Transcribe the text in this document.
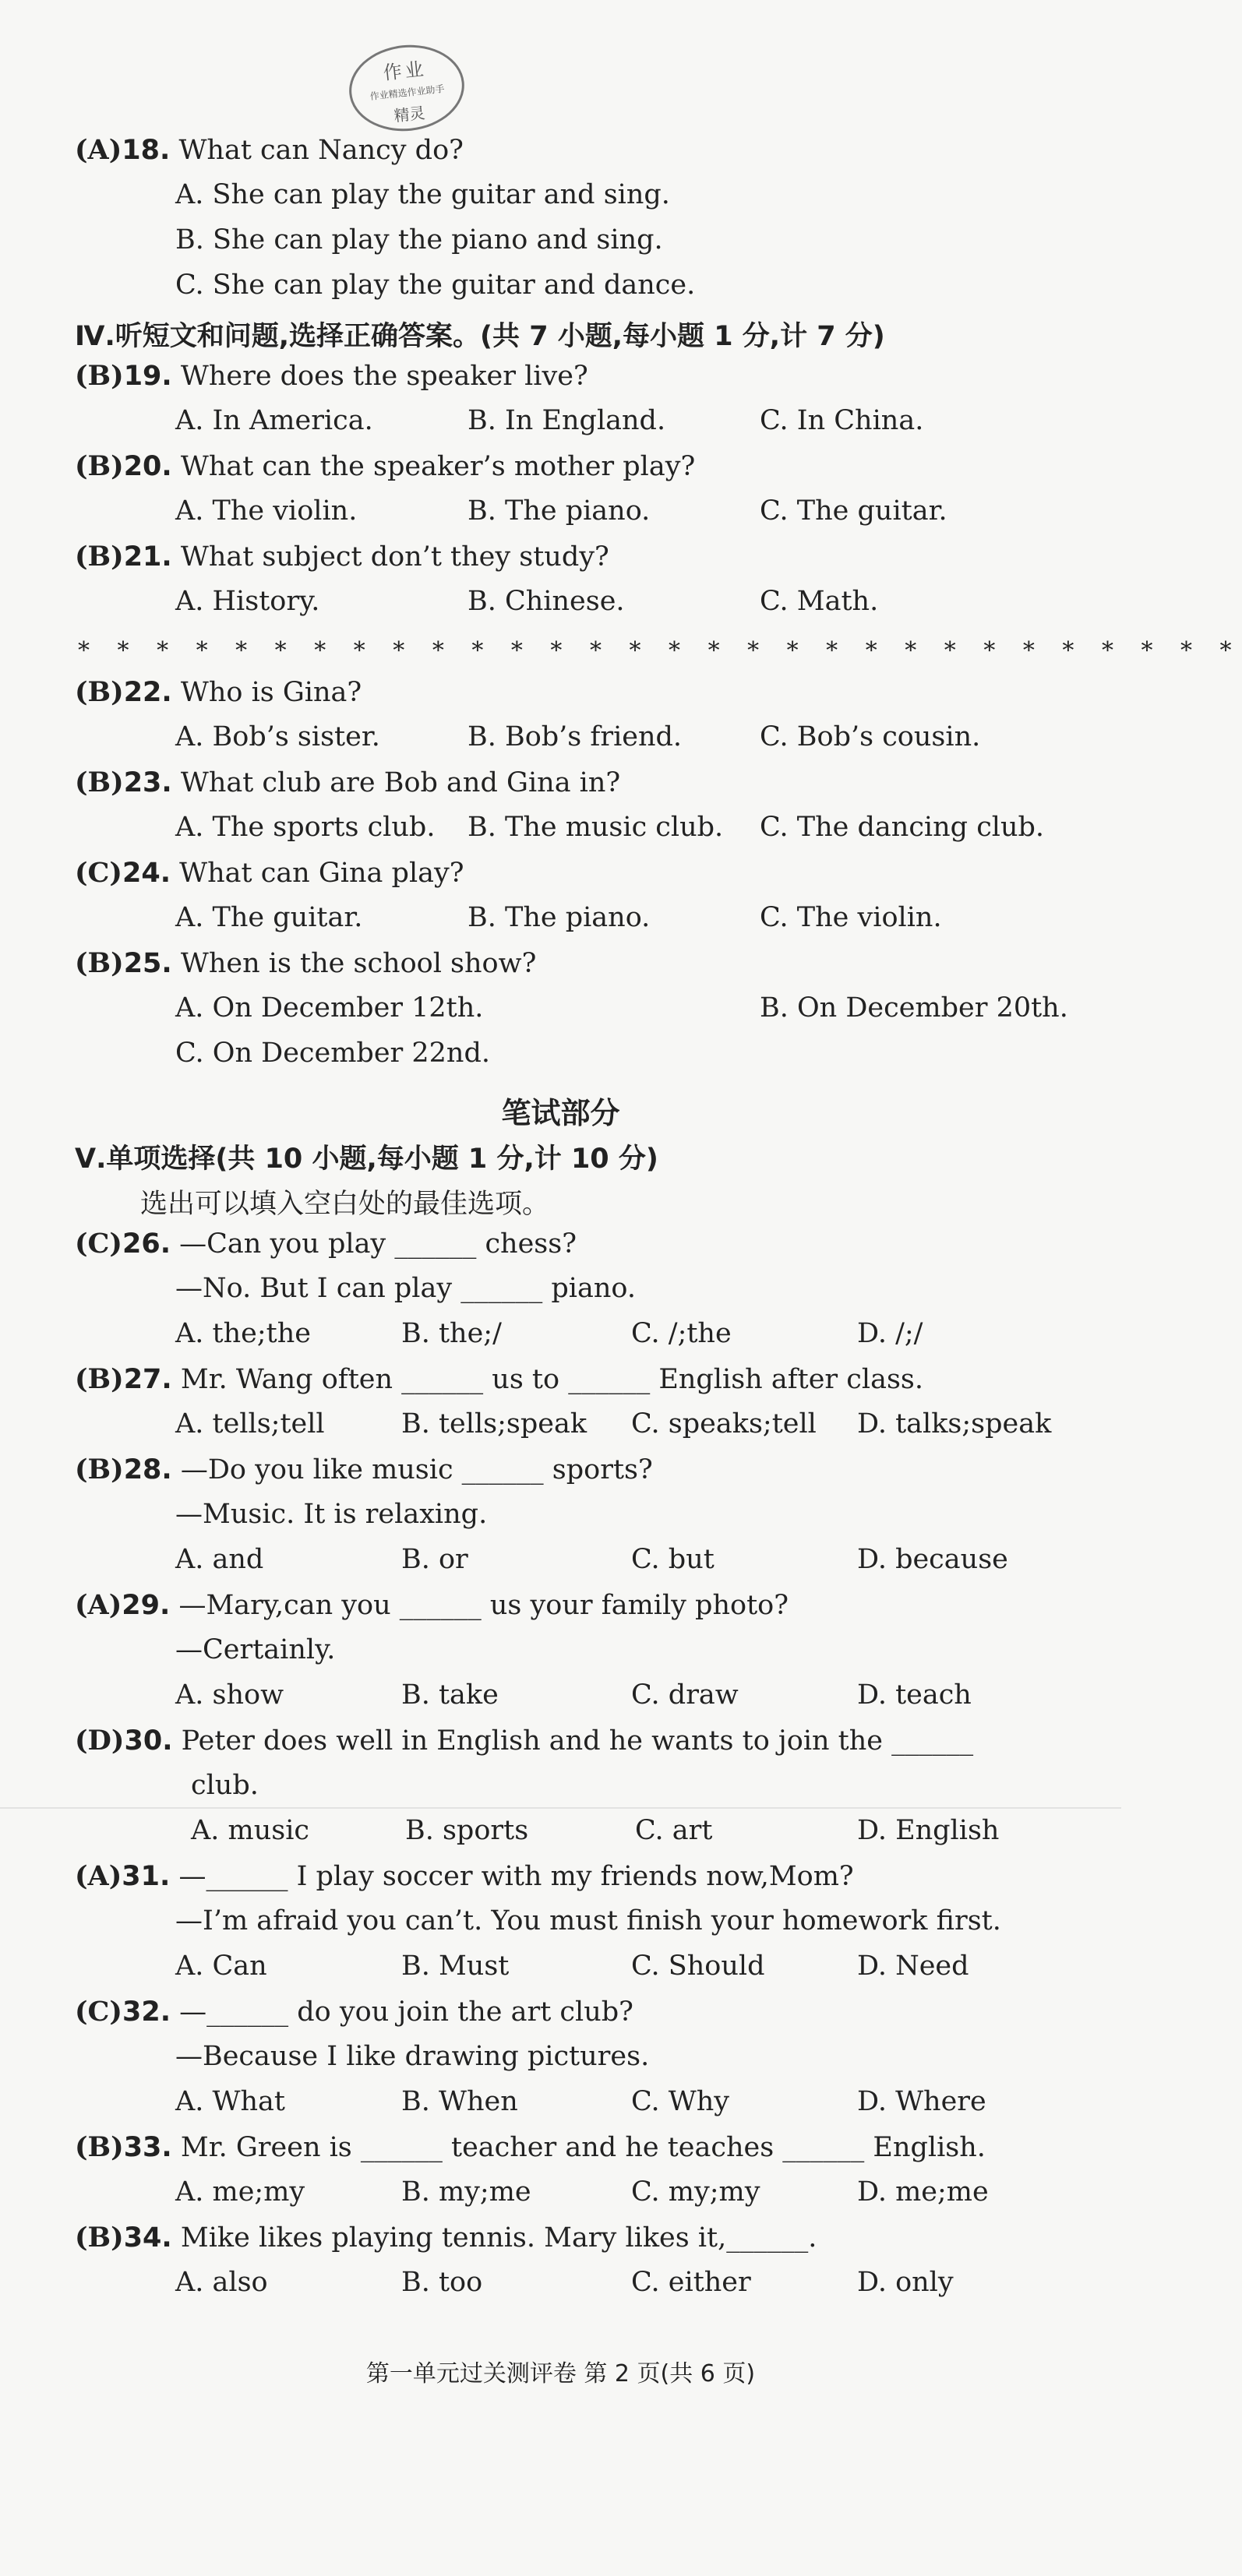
作业
作业精选作业助手
精灵
(A)18. What can Nancy do?
A. She can play the guitar and sing.
B. She can play the piano and sing.
C. She can play the guitar and dance.
Ⅳ.听短文和问题,选择正确答案。(共 7 小题,每小题 1 分,计 7 分)
(B)19. Where does the speaker live?
A. In America.	B. In England.	C. In China.
(B)20. What can the speaker’s mother play?
A. The violin.	B. The piano.	C. The guitar.
(B)21. What subject don’t they study?
A. History.	B. Chinese.	C. Math.
* * * * * * * * * * * * * * * * * * * * * * * * * * * * * *
(B)22. Who is Gina?
A. Bob’s sister.	B. Bob’s friend.	C. Bob’s cousin.
(B)23. What club are Bob and Gina in?
A. The sports club. B. The music club. C. The dancing club.
(C)24. What can Gina play?
A. The guitar.	B. The piano.	C. The violin.
(B)25. When is the school show?
A. On December 12th.	B. On December 20th.
C. On December 22nd.
笔试部分
Ⅴ.单项选择(共 10 小题,每小题 1 分,计 10 分)
选出可以填入空白处的最佳选项。
(C)26. —Can you play ______ chess?
—No. But I can play ______ piano.
A. the;the	B. the;/	C. /;the	D. /;/
(B)27. Mr. Wang often ______ us to ______ English after class.
A. tells;tell	B. tells;speak C. speaks;tell D. talks;speak
(B)28. —Do you like music ______ sports?
—Music. It is relaxing.
A. and	B. or	C. but	D. because
(A)29. —Mary,can you ______ us your family photo?
—Certainly.
A. show	B. take	C. draw	D. teach
(D)30. Peter does well in English and he wants to join the ______
club.
A. music	B. sports	C. art	D. English
(A)31. —______ I play soccer with my friends now,Mom?
—I’m afraid you can’t. You must finish your homework first.
A. Can	B. Must	C. Should	D. Need
(C)32. —______ do you join the art club?
—Because I like drawing pictures.
A. What	B. When	C. Why	D. Where
(B)33. Mr. Green is ______ teacher and he teaches ______ English.
A. me;my	B. my;me	C. my;my	D. me;me
(B)34. Mike likes playing tennis. Mary likes it,______.
A. also	B. too	C. either	D. only
第一单元过关测评卷 第 2 页(共 6 页)
